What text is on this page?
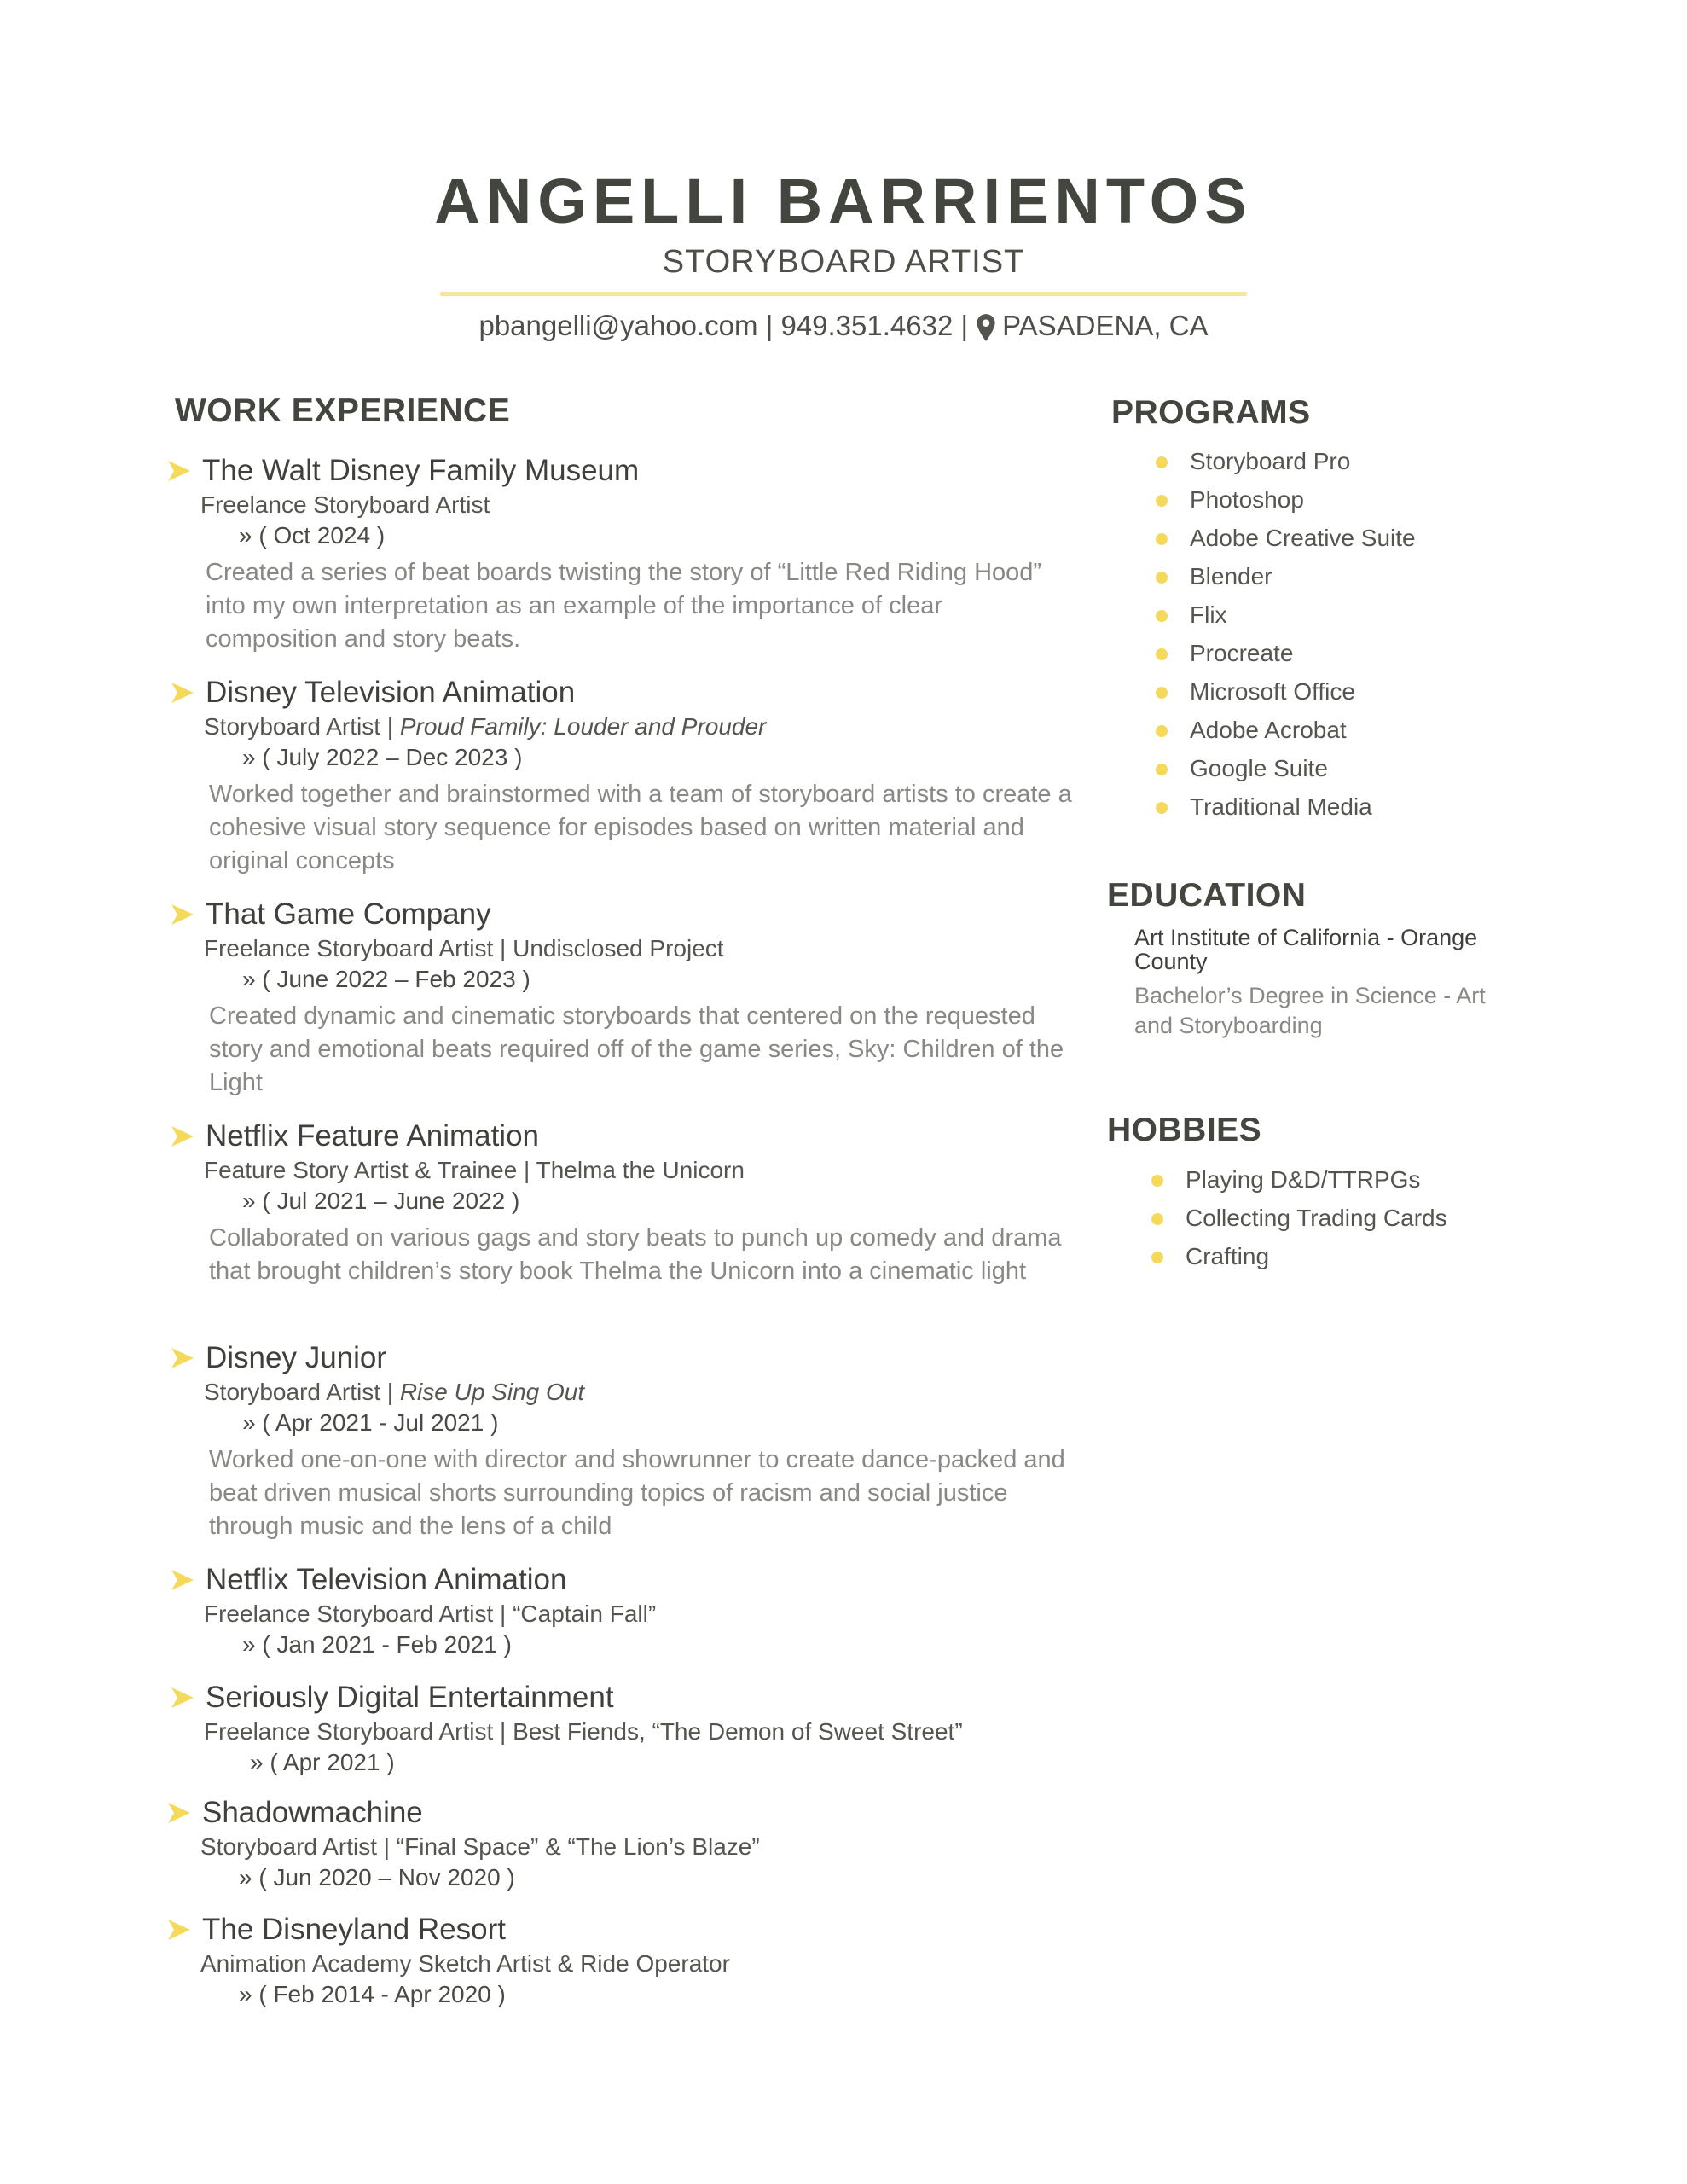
ANGELLI BARRIENTOS
STORYBOARD ARTIST
pbangelli@yahoo.com | 949.351.4632 | PASADENA, CA
WORK EXPERIENCE
The Walt Disney Family Museum
Freelance Storyboard Artist
» ( Oct 2024 )
Created a series of beat boards twisting the story of “Little Red Riding Hood” into my own interpretation as an example of the importance of clear composition and story beats.
Disney Television Animation
Storyboard Artist | Proud Family: Louder and Prouder
» ( July 2022 – Dec 2023 )
Worked together and brainstormed with a team of storyboard artists to create a cohesive visual story sequence for episodes based on written material and original concepts
That Game Company
Freelance Storyboard Artist | Undisclosed Project
» ( June 2022 – Feb 2023 )
Created dynamic and cinematic storyboards that centered on the requested story and emotional beats required off of the game series, Sky: Children of the Light
Netflix Feature Animation
Feature Story Artist & Trainee | Thelma the Unicorn
» ( Jul 2021 – June 2022 )
Collaborated on various gags and story beats to punch up comedy and drama that brought children’s story book Thelma the Unicorn into a cinematic light
Disney Junior
Storyboard Artist | Rise Up Sing Out
» ( Apr 2021 - Jul 2021 )
Worked one-on-one with director and showrunner to create dance-packed and beat driven musical shorts surrounding topics of racism and social justice through music and the lens of a child
Netflix Television Animation
Freelance Storyboard Artist | “Captain Fall”
» ( Jan 2021 - Feb 2021 )
Seriously Digital Entertainment
Freelance Storyboard Artist | Best Fiends, “The Demon of Sweet Street”
» ( Apr 2021 )
Shadowmachine
Storyboard Artist | “Final Space” & “The Lion’s Blaze”
» ( Jun 2020 – Nov 2020 )
The Disneyland Resort
Animation Academy Sketch Artist & Ride Operator
» ( Feb 2014 - Apr 2020 )
PROGRAMS
Storyboard Pro
Photoshop
Adobe Creative Suite
Blender
Flix
Procreate
Microsoft Office
Adobe Acrobat
Google Suite
Traditional Media
EDUCATION
Art Institute of California - Orange County
Bachelor’s Degree in Science - Art and Storyboarding
HOBBIES
Playing D&D/TTRPGs
Collecting Trading Cards
Crafting
